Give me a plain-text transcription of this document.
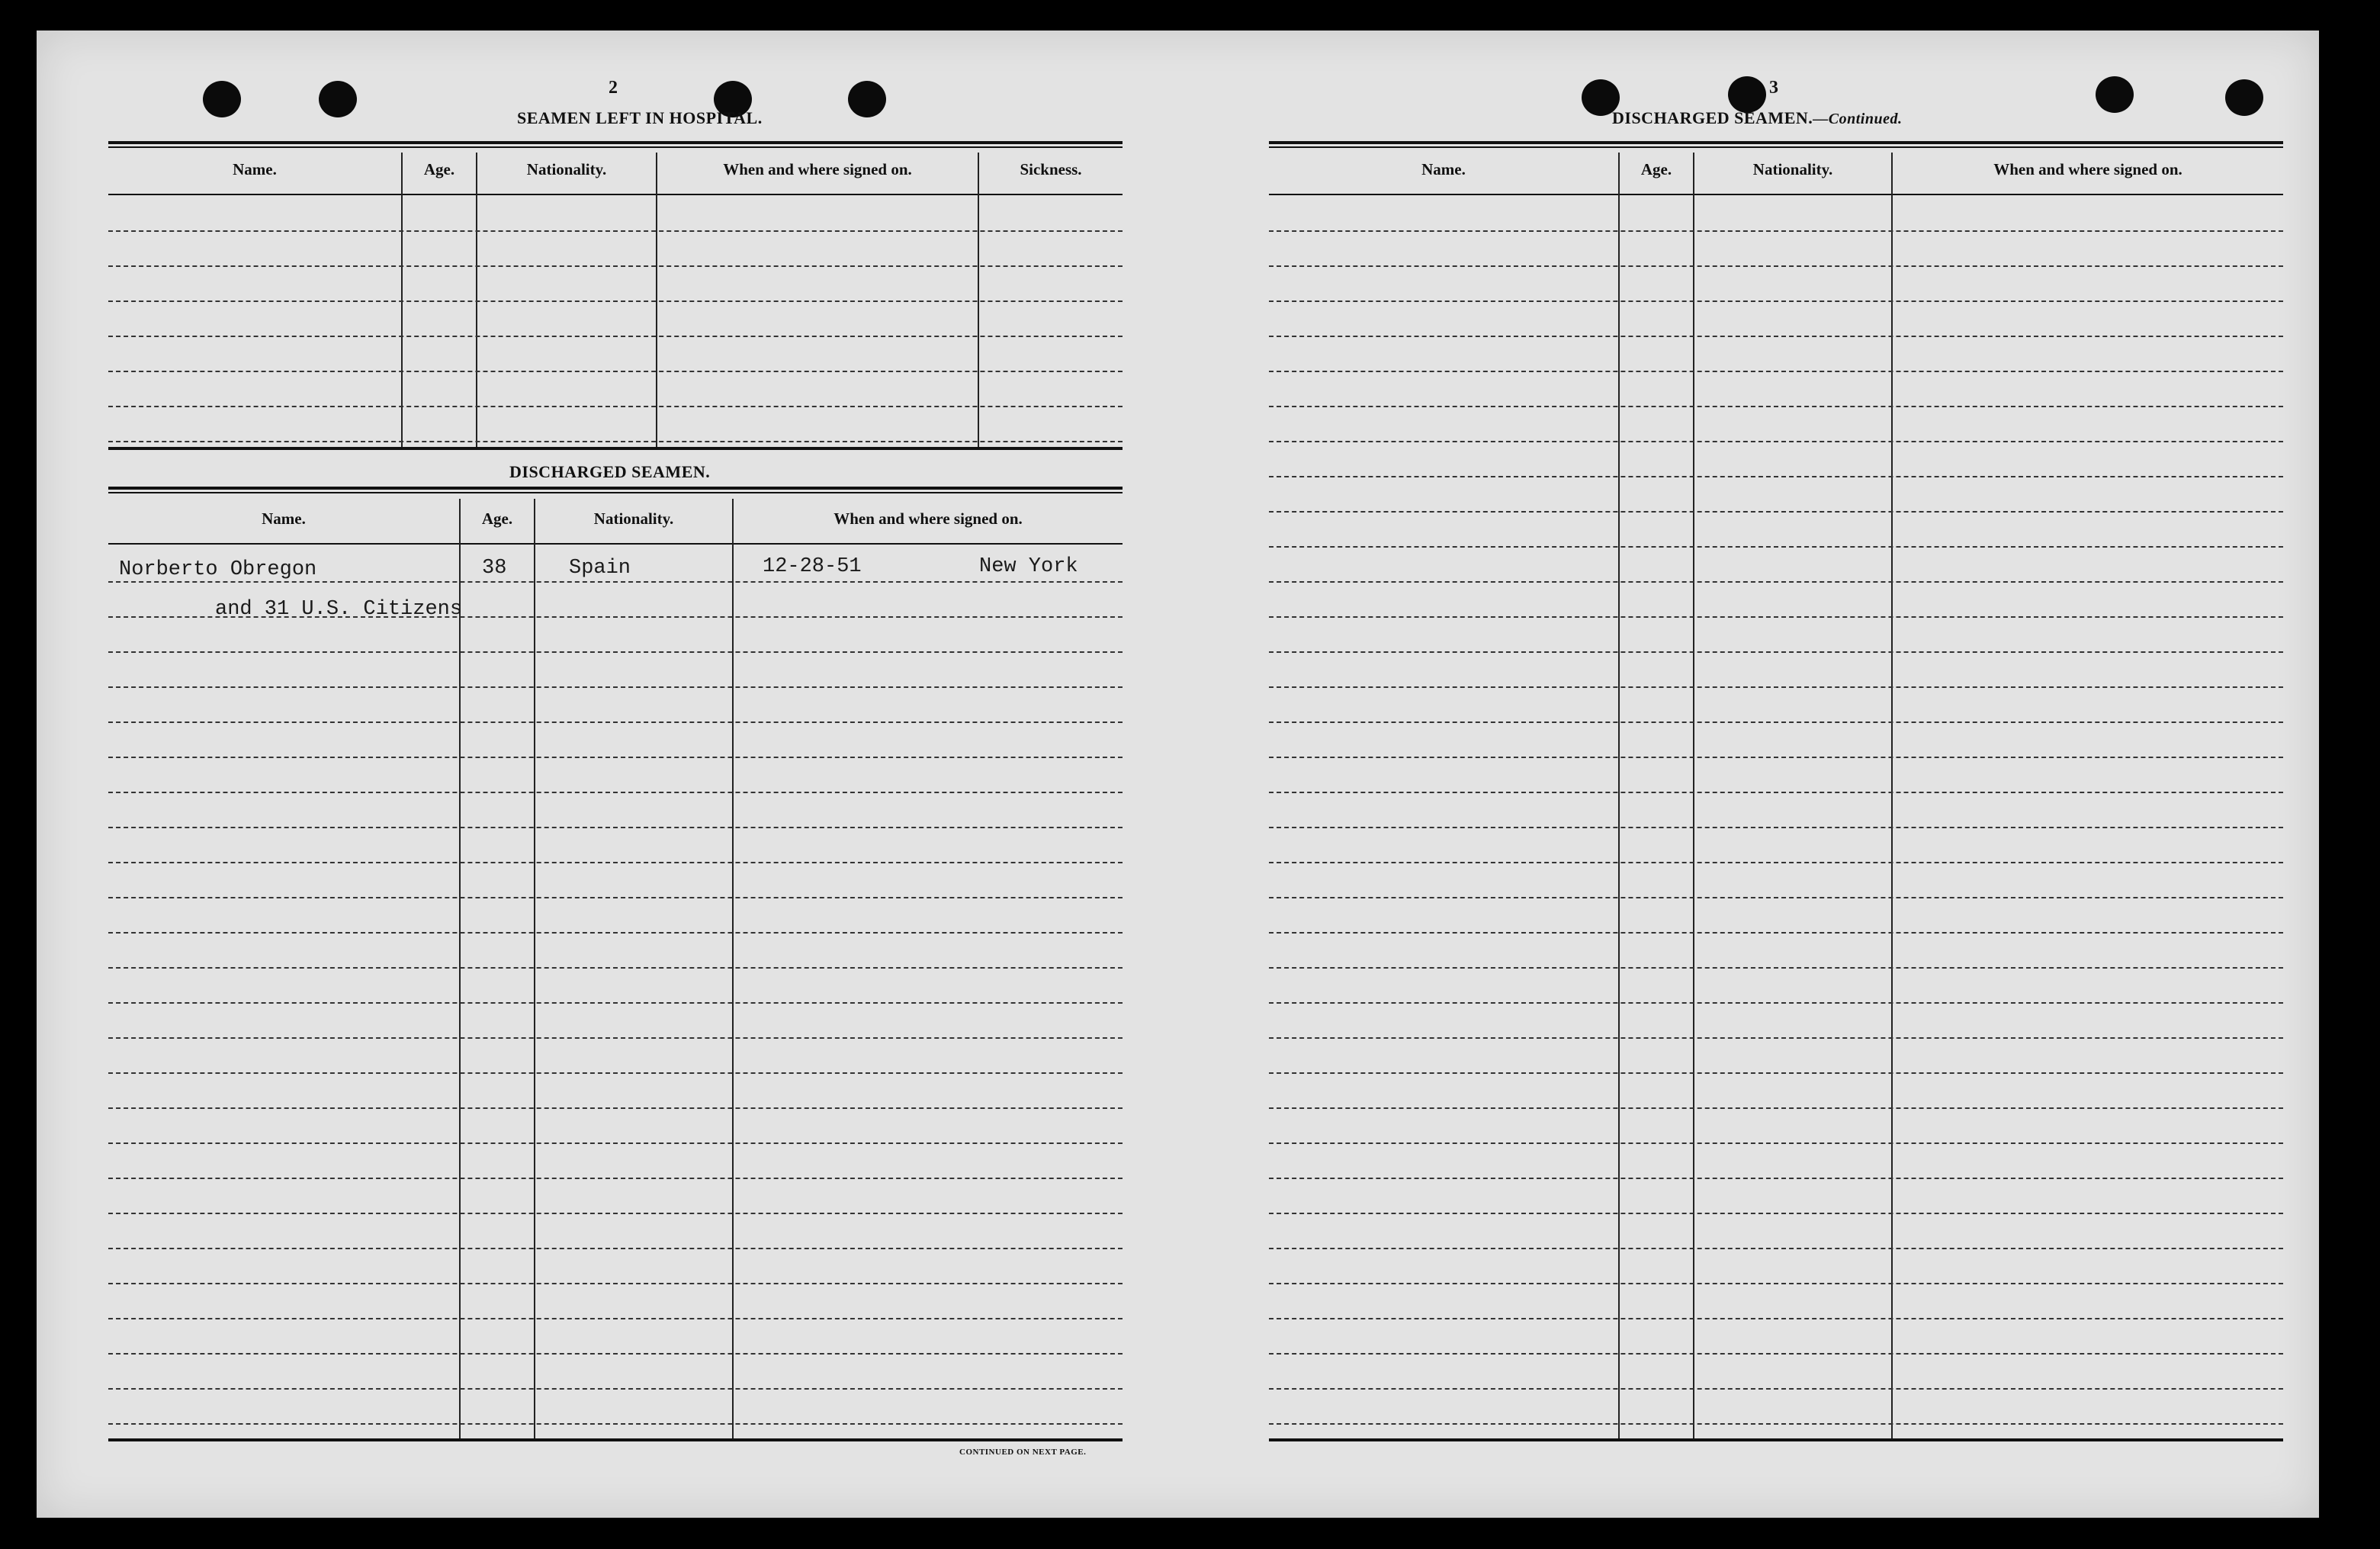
2
SEAMEN LEFT IN HOSPITAL.
Name.	Age.	Nationality.	When and where signed on.	Sickness.
DISCHARGED SEAMEN.
Name.	Age.	Nationality.	When and where signed on.
Norberto Obregon	38	Spain	12-28-51	New York
and 31 U.S. Citizens
CONTINUED ON NEXT PAGE.
3
DISCHARGED SEAMEN.—Continued.
Name.	Age.	Nationality.	When and where signed on.
